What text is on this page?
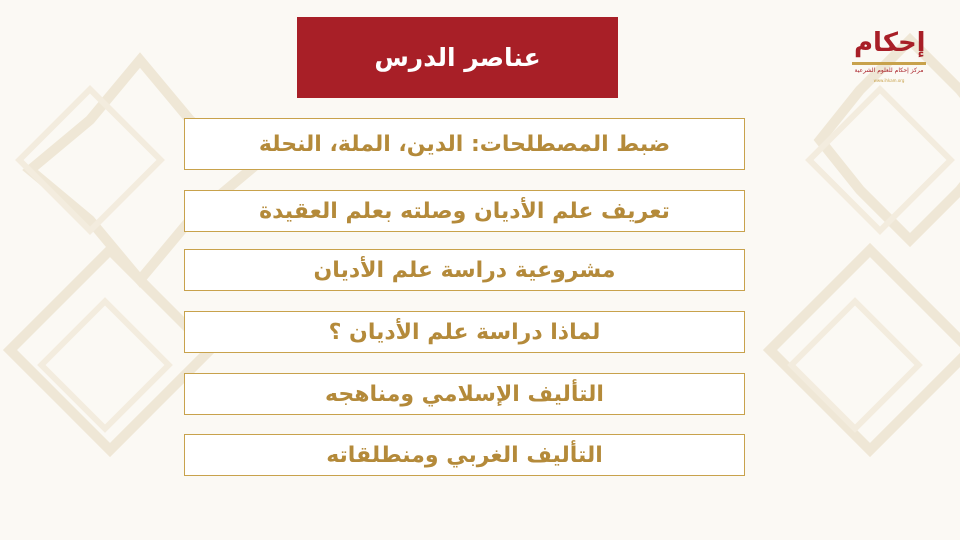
عناصر الدرس	إحكام
مركز إحكام للعلوم الشرعية
www.ihkam.org
ضبط المصطلحات: الدين، الملة، النحلة
تعريف علم الأديان وصلته بعلم العقيدة
مشروعية دراسة علم الأديان
لماذا دراسة علم الأديان ؟
التأليف الإسلامي ومناهجه
التأليف الغربي ومنطلقاته
